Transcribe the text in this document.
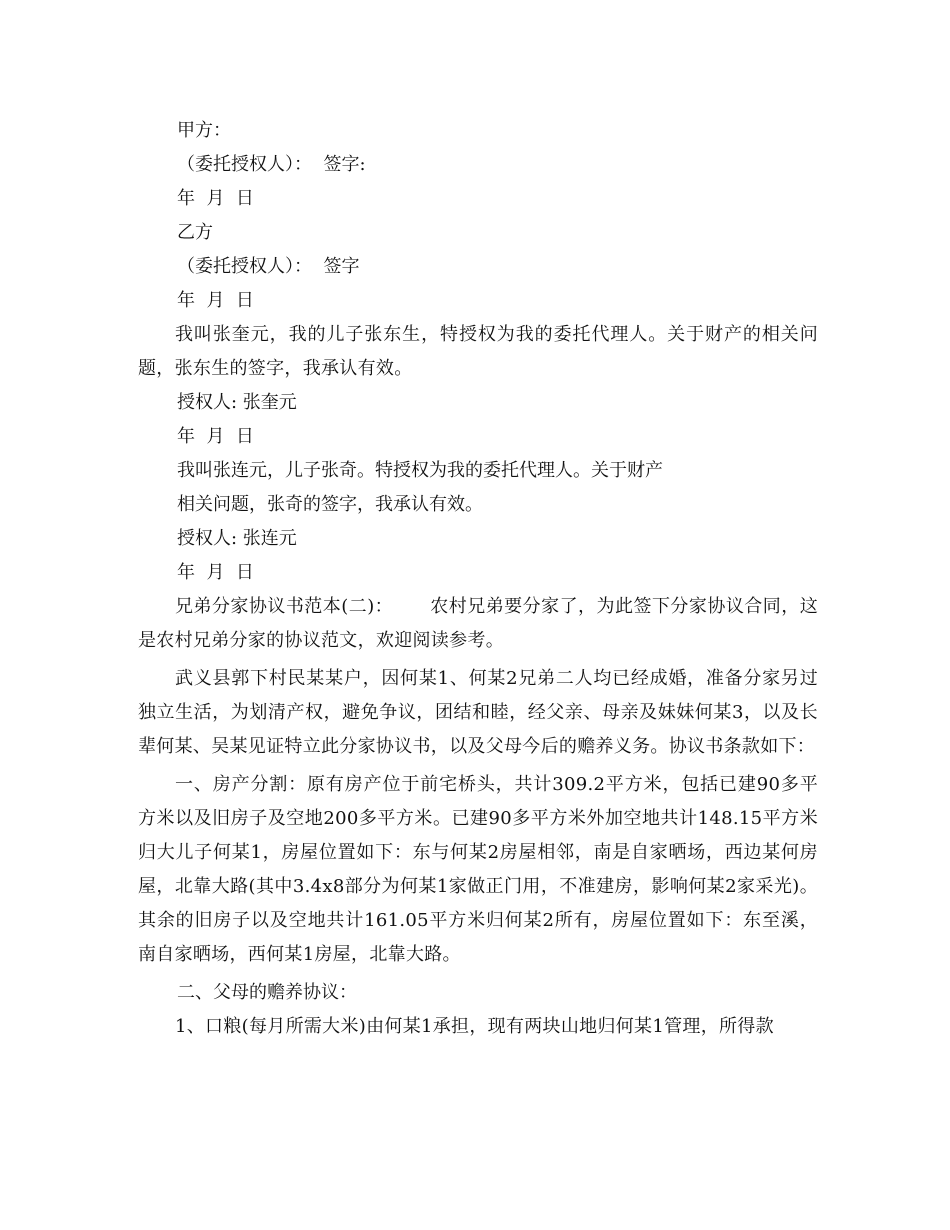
甲方：
（委托授权人）：  签字:
年  月  日
乙方
（委托授权人）：  签字
年  月  日
我叫张奎元，我的儿子张东生，特授权为我的委托代理人。关于财产的相关问题，张东生的签字，我承认有效。
授权人: 张奎元
年  月  日
我叫张连元，儿子张奇。特授权为我的委托代理人。关于财产
相关问题，张奇的签字，我承认有效。
授权人: 张连元
年  月  日
兄弟分家协议书范本(二)：      农村兄弟要分家了，为此签下分家协议合同，这是农村兄弟分家的协议范文，欢迎阅读参考。
武义县郭下村民某某户，因何某1、何某2兄弟二人均已经成婚，准备分家另过独立生活，为划清产权，避免争议，团结和睦，经父亲、母亲及妹妹何某3，以及长辈何某、吴某见证特立此分家协议书，以及父母今后的赡养义务。协议书条款如下：
一、房产分割：原有房产位于前宅桥头，共计309.2平方米，包括已建90多平方米以及旧房子及空地200多平方米。已建90多平方米外加空地共计148.15平方米归大儿子何某1，房屋位置如下：东与何某2房屋相邻，南是自家晒场，西边某何房屋，北靠大路(其中3.4x8部分为何某1家做正门用，不准建房，影响何某2家采光)。其余的旧房子以及空地共计161.05平方米归何某2所有，房屋位置如下：东至溪，南自家晒场，西何某1房屋，北靠大路。
二、父母的赡养协议：
1、口粮(每月所需大米)由何某1承担，现有两块山地归何某1管理，所得款
